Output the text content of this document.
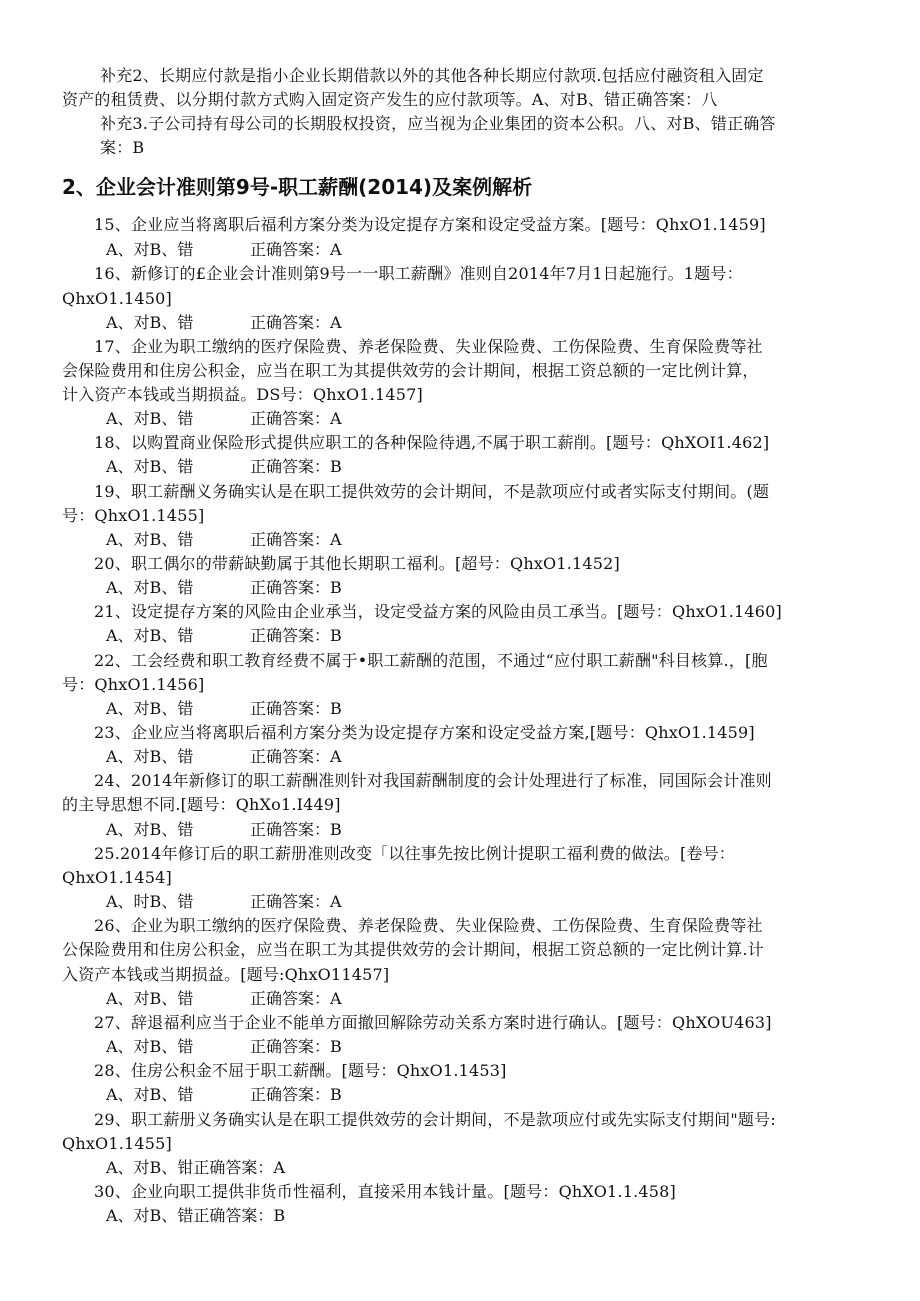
补充2、长期应付款是指小企业长期借款以外的其他各种长期应付款项.包括应付融资租入固定
资产的租赁费、以分期付款方式购入固定资产发生的应付款项等。A、对B、错正确答案：八
补充3.子公司持有母公司的长期股权投资，应当视为企业集团的资本公积。八、对B、错正确答
案：B
2、企业会计准则第9号-职工薪酬(2014)及案例解析
15、企业应当将离职后福利方案分类为设定提存方案和设定受益方案。[题号：QhxO1.1459]
A、对B、错	正确答案：A
16、新修订的£企业会计准则第9号一一职工薪酬》准则自2014年7月1日起施行。1题号：
QhxO1.1450]
A、对B、错	正确答案：A
17、企业为职工缴纳的医疗保险费、养老保险费、失业保险费、工伤保险费、生育保险费等社
会保险费用和住房公积金，应当在职工为其提供效劳的会计期间，根据工资总额的一定比例计算，
计入资产本钱或当期损益。DS号：QhxO1.1457]
A、对B、错	正确答案：A
18、以购置商业保险形式提供应职工的各种保险待遇,不属于职工薪削。[题号：QhXOI1.462]
A、对B、错	正确答案：B
19、职工薪酬义务确实认是在职工提供效劳的会计期间，不是款项应付或者实际支付期间。(题
号：QhxO1.1455]
A、对B、错	正确答案：A
20、职工偶尔的带薪缺勤属于其他长期职工福利。[超号：QhxO1.1452]
A、对B、错	正确答案：B
21、设定提存方案的风险由企业承当，设定受益方案的风险由员工承当。[题号：QhxO1.1460]
A、对B、错	正确答案：B
22、工会经费和职工教育经费不属于•职工薪酬的范围，不通过“应付职工薪酬"科目核算.，[胞
号：QhxO1.1456]
A、对B、错	正确答案：B
23、企业应当将离职后福利方案分类为设定提存方案和设定受益方案,[题号：QhxO1.1459]
A、对B、错	正确答案：A
24、2014年新修订的职工薪酬准则针对我国薪酬制度的会计处理进行了标准，同国际会计准则
的主导思想不同.[题号：QhXo1.I449]
A、对B、错	正确答案：B
25.2014年修订后的职工薪册准则改变「以往事先按比例计提职工福利费的做法。[卷号：
QhxO1.1454]
A、时B、错	正确答案：A
26、企业为职工缴纳的医疗保险费、养老保险费、失业保险费、工伤保险费、生育保险费等社
公保险费用和住房公积金，应当在职工为其提供效劳的会计期间，根据工资总额的一定比例计算.计
入资产本钱或当期损益。[题号:QhxO11457]
A、对B、错	正确答案：A
27、辞退福利应当于企业不能单方面撤回解除劳动关系方案时进行确认。[题号：QhXOU463]
A、对B、错	正确答案：B
28、住房公积金不屈于职工薪酬。[题号：QhxO1.1453]
A、对B、错	正确答案：B
29、职工薪册义务确实认是在职工提供效劳的会计期间，不是款项应付或先实际支付期间"题号:
QhxO1.1455]
A、对B、钳正确答案：A
30、企业向职工提供非货币性福利，直接采用本钱计量。[题号：QhXO1.1.458]
A、对B、错正确答案：B
